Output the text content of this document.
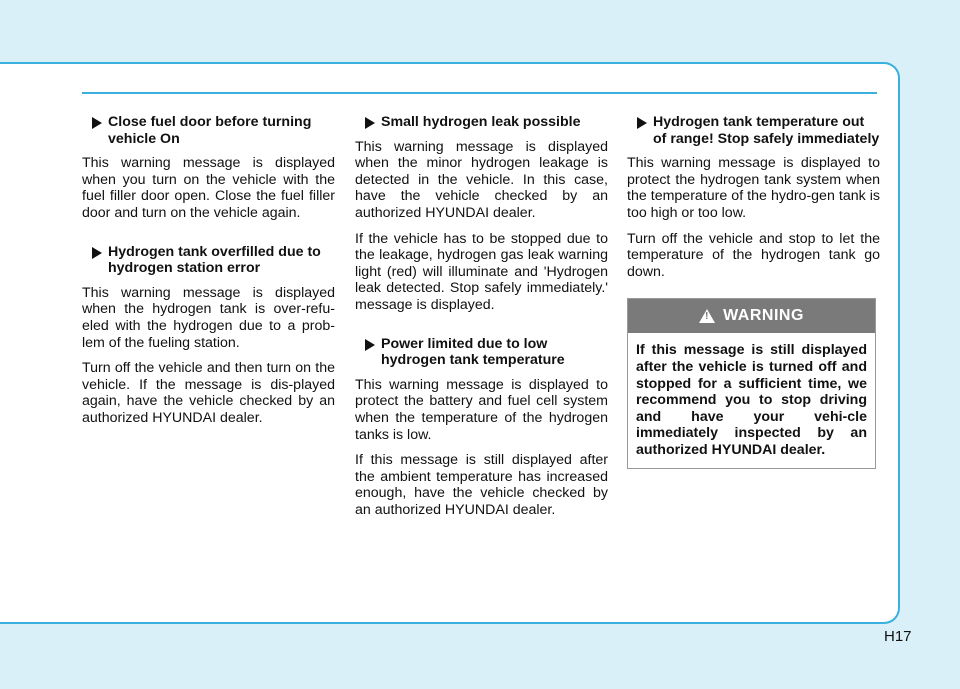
Close fuel door before turning vehicle On

This warning message is displayed when you turn on the vehicle with the fuel filler door open. Close the fuel filler door and turn on the vehicle again.

Hydrogen tank overfilled due to hydrogen station error

This warning message is displayed when the hydrogen tank is over-refu-eled with the hydrogen due to a prob-lem of the fueling station.

Turn off the vehicle and then turn on the vehicle. If the message is dis-played again, have the vehicle checked by an authorized HYUNDAI dealer.

Small hydrogen leak possible

This warning message is displayed when the minor hydrogen leakage is detected in the vehicle. In this case, have the vehicle checked by an authorized HYUNDAI dealer.

If the vehicle has to be stopped due to the leakage, hydrogen gas leak warning light (red) will illuminate and 'Hydrogen leak detected. Stop safely immediately.' message is displayed.

Power limited due to low hydrogen tank temperature

This warning message is displayed to protect the battery and fuel cell system when the temperature of the hydrogen tanks is low.

If this message is still displayed after the ambient temperature has increased enough, have the vehicle checked by an authorized HYUNDAI dealer.

Hydrogen tank temperature out of range! Stop safely immediately

This warning message is displayed to protect the hydrogen tank system when the temperature of the hydro-gen tank is too high or too low.

Turn off the vehicle and stop to let the temperature of the hydrogen tank go down.

!
WARNING
If this message is still displayed after the vehicle is turned off and stopped for a sufficient time, we recommend you to stop driving and have your vehi-cle immediately inspected by an authorized HYUNDAI dealer.
H17
